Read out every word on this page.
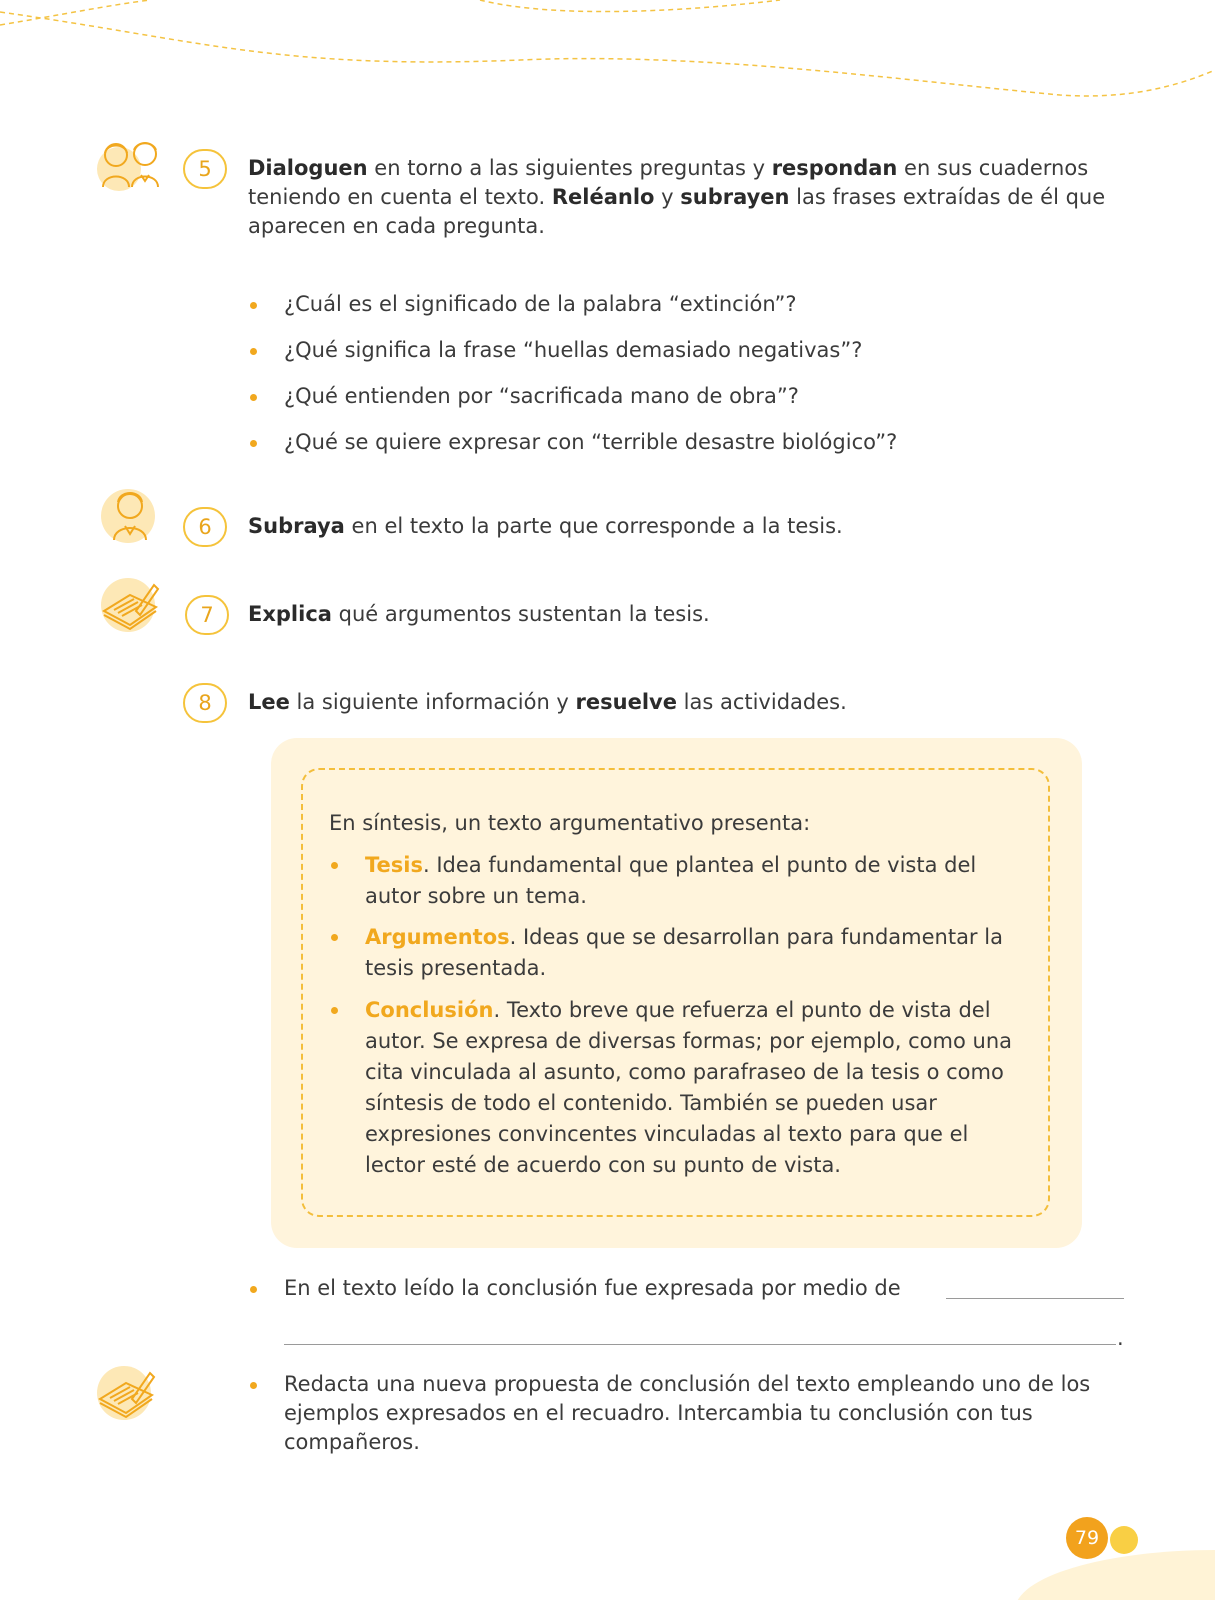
5	Dialoguen en torno a las siguientes preguntas y respondan en sus cuadernos teniendo en cuenta el texto. Reléanlo y subrayen las frases extraídas de él que aparecen en cada pregunta.
¿Cuál es el significado de la palabra “extinción”?
¿Qué significa la frase “huellas demasiado negativas”?
¿Qué entienden por “sacrificada mano de obra”?
¿Qué se quiere expresar con “terrible desastre biológico”?
6	Subraya en el texto la parte que corresponde a la tesis.
7	Explica qué argumentos sustentan la tesis.
8	Lee la siguiente información y resuelve las actividades.
En síntesis, un texto argumentativo presenta:
Tesis. Idea fundamental que plantea el punto de vista del autor sobre un tema.
Argumentos. Ideas que se desarrollan para fundamentar la tesis presentada.
Conclusión. Texto breve que refuerza el punto de vista del autor. Se expresa de diversas formas; por ejemplo, como una cita vinculada al asunto, como parafraseo de la tesis o como síntesis de todo el contenido. También se pueden usar expresiones convincentes vinculadas al texto para que el lector esté de acuerdo con su punto de vista.
En el texto leído la conclusión fue expresada por medio de
.
Redacta una nueva propuesta de conclusión del texto empleando uno de los ejemplos expresados en el recuadro. Intercambia tu conclusión con tus compañeros.
79
